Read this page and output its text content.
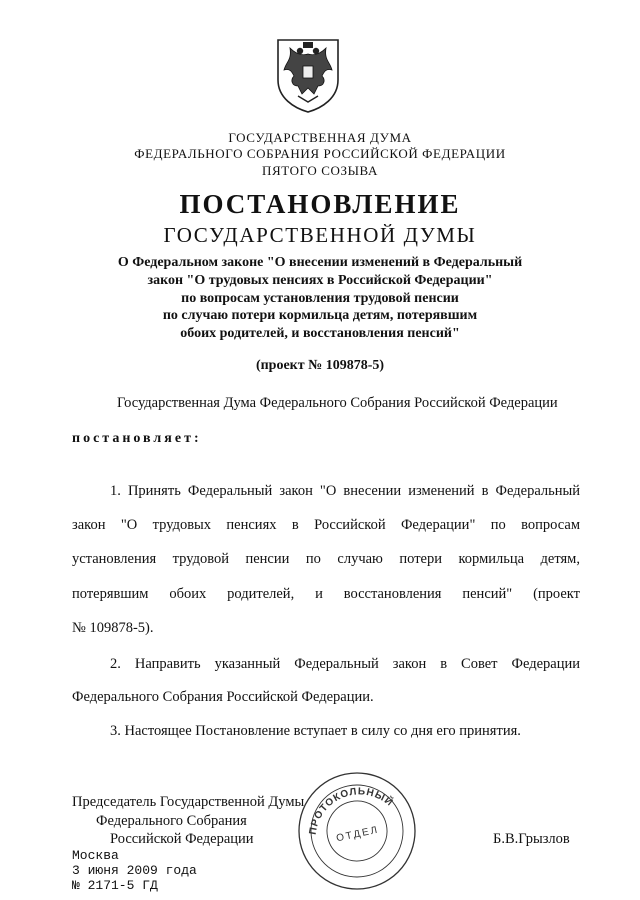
ГОСУДАРСТВЕННАЯ ДУМА
ФЕДЕРАЛЬНОГО СОБРАНИЯ РОССИЙСКОЙ ФЕДЕРАЦИИ
ПЯТОГО СОЗЫВА
ПОСТАНОВЛЕНИЕ
ГОСУДАРСТВЕННОЙ ДУМЫ
О Федеральном законе "О внесении изменений в Федеральный
закон "О трудовых пенсиях в Российской Федерации"
по вопросам установления трудовой пенсии
по случаю потери кормильца детям, потерявшим
обоих родителей, и восстановления пенсий"
(проект № 109878-5)
Государственная Дума Федерального Собрания Российской Федерации
постановляет:
1. Принять Федеральный закон "О внесении изменений в Федеральный
закон "О трудовых пенсиях в Российской Федерации" по вопросам
установления трудовой пенсии по случаю потери кормильца детям,
потерявшим обоих родителей, и восстановления пенсий" (проект
№ 109878-5).
2. Направить указанный Федеральный закон в Совет Федерации
Федерального Собрания Российской Федерации.
3. Настоящее Постановление вступает в силу со дня его принятия.
Председатель Государственной Думы
Федерального Собрания
Российской Федерации	Б.В.Грызлов
Москва
3 июня 2009 года
№ 2171-5 ГД
ПРОТОКОЛЬНЫЙ
ОТДЕЛ
